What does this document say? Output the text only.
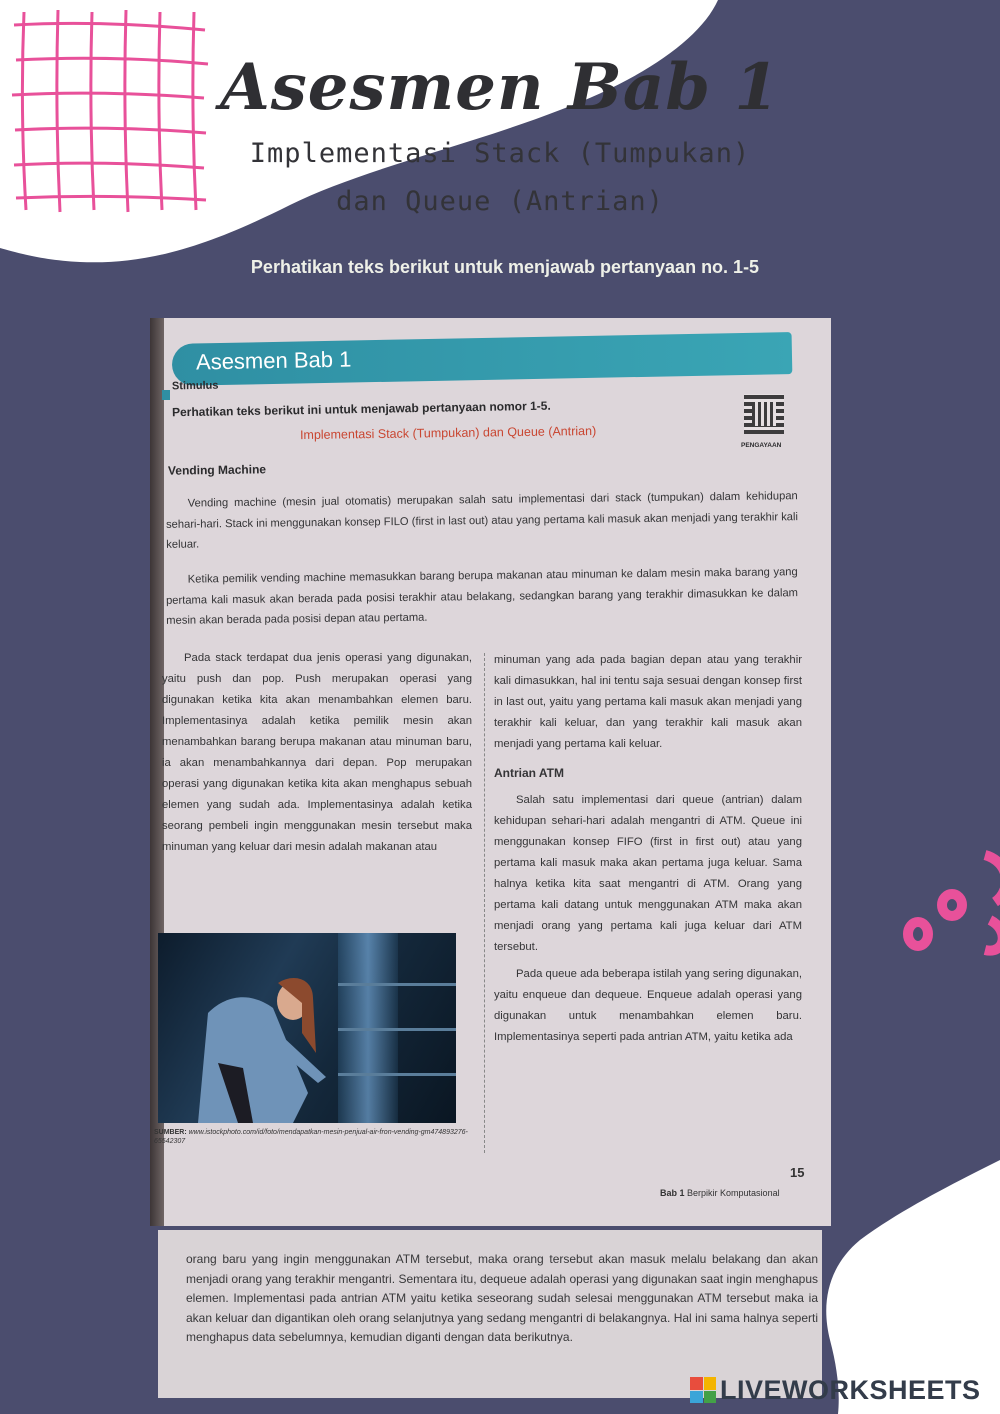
Asesmen Bab 1
Implementasi Stack (Tumpukan)
dan Queue (Antrian)
Perhatikan teks berikut untuk menjawab pertanyaan no. 1-5
Asesmen Bab 1
Stimulus
Perhatikan teks berikut ini untuk menjawab pertanyaan nomor 1-5.
Implementasi Stack (Tumpukan) dan Queue (Antrian)
PENGAYAAN
Vending Machine
Vending machine (mesin jual otomatis) merupakan salah satu implementasi dari stack (tumpukan) dalam kehidupan sehari-hari. Stack ini menggunakan konsep FILO (first in last out) atau yang pertama kali masuk akan menjadi yang terakhir kali keluar.
Ketika pemilik vending machine memasukkan barang berupa makanan atau minuman ke dalam mesin maka barang yang pertama kali masuk akan berada pada posisi terakhir atau belakang, sedangkan barang yang terakhir dimasukkan ke dalam mesin akan berada pada posisi depan atau pertama.

Pada stack terdapat dua jenis operasi yang digunakan, yaitu push dan pop. Push merupakan operasi yang digunakan ketika kita akan menambahkan elemen baru. Implementasinya adalah ketika pemilik mesin akan menambahkan barang berupa makanan atau minuman baru, ia akan menambahkannya dari depan. Pop merupakan operasi yang digunakan ketika kita akan menghapus sebuah elemen yang sudah ada. Implementasinya adalah ketika seorang pembeli ingin menggunakan mesin tersebut maka minuman yang keluar dari mesin adalah makanan atau

minuman yang ada pada bagian depan atau yang terakhir kali dimasukkan, hal ini tentu saja sesuai dengan konsep first in last out, yaitu yang pertama kali masuk akan menjadi yang terakhir kali keluar, dan yang terakhir kali masuk akan menjadi yang pertama kali keluar.

Antrian ATM

Salah satu implementasi dari queue (antrian) dalam kehidupan sehari-hari adalah mengantri di ATM. Queue ini menggunakan konsep FIFO (first in first out) atau yang pertama kali masuk maka akan pertama juga keluar. Sama halnya ketika kita saat mengantri di ATM. Orang yang pertama kali datang untuk menggunakan ATM maka akan menjadi orang yang pertama kali juga keluar dari ATM tersebut.

Pada queue ada beberapa istilah yang sering digunakan, yaitu enqueue dan dequeue. Enqueue adalah operasi yang digunakan untuk menambahkan elemen baru. Implementasinya seperti pada antrian ATM, yaitu ketika ada

SUMBER: www.istockphoto.com/id/foto/mendapatkan-mesin-penjual-air-fron-vending-gm474893276-65542307
15
Bab 1 Berpikir Komputasional
orang baru yang ingin menggunakan ATM tersebut, maka orang tersebut akan masuk melalu belakang dan akan menjadi orang yang terakhir mengantri. Sementara itu, dequeue adalah operasi yang digunakan saat ingin menghapus elemen. Implementasi pada antrian ATM yaitu ketika seseorang sudah selesai menggunakan ATM tersebut maka ia akan keluar dan digantikan oleh orang selanjutnya yang sedang mengantri di belakangnya. Hal ini sama halnya seperti menghapus data sebelumnya, kemudian diganti dengan data berikutnya.
LIVEWORKSHEETS
